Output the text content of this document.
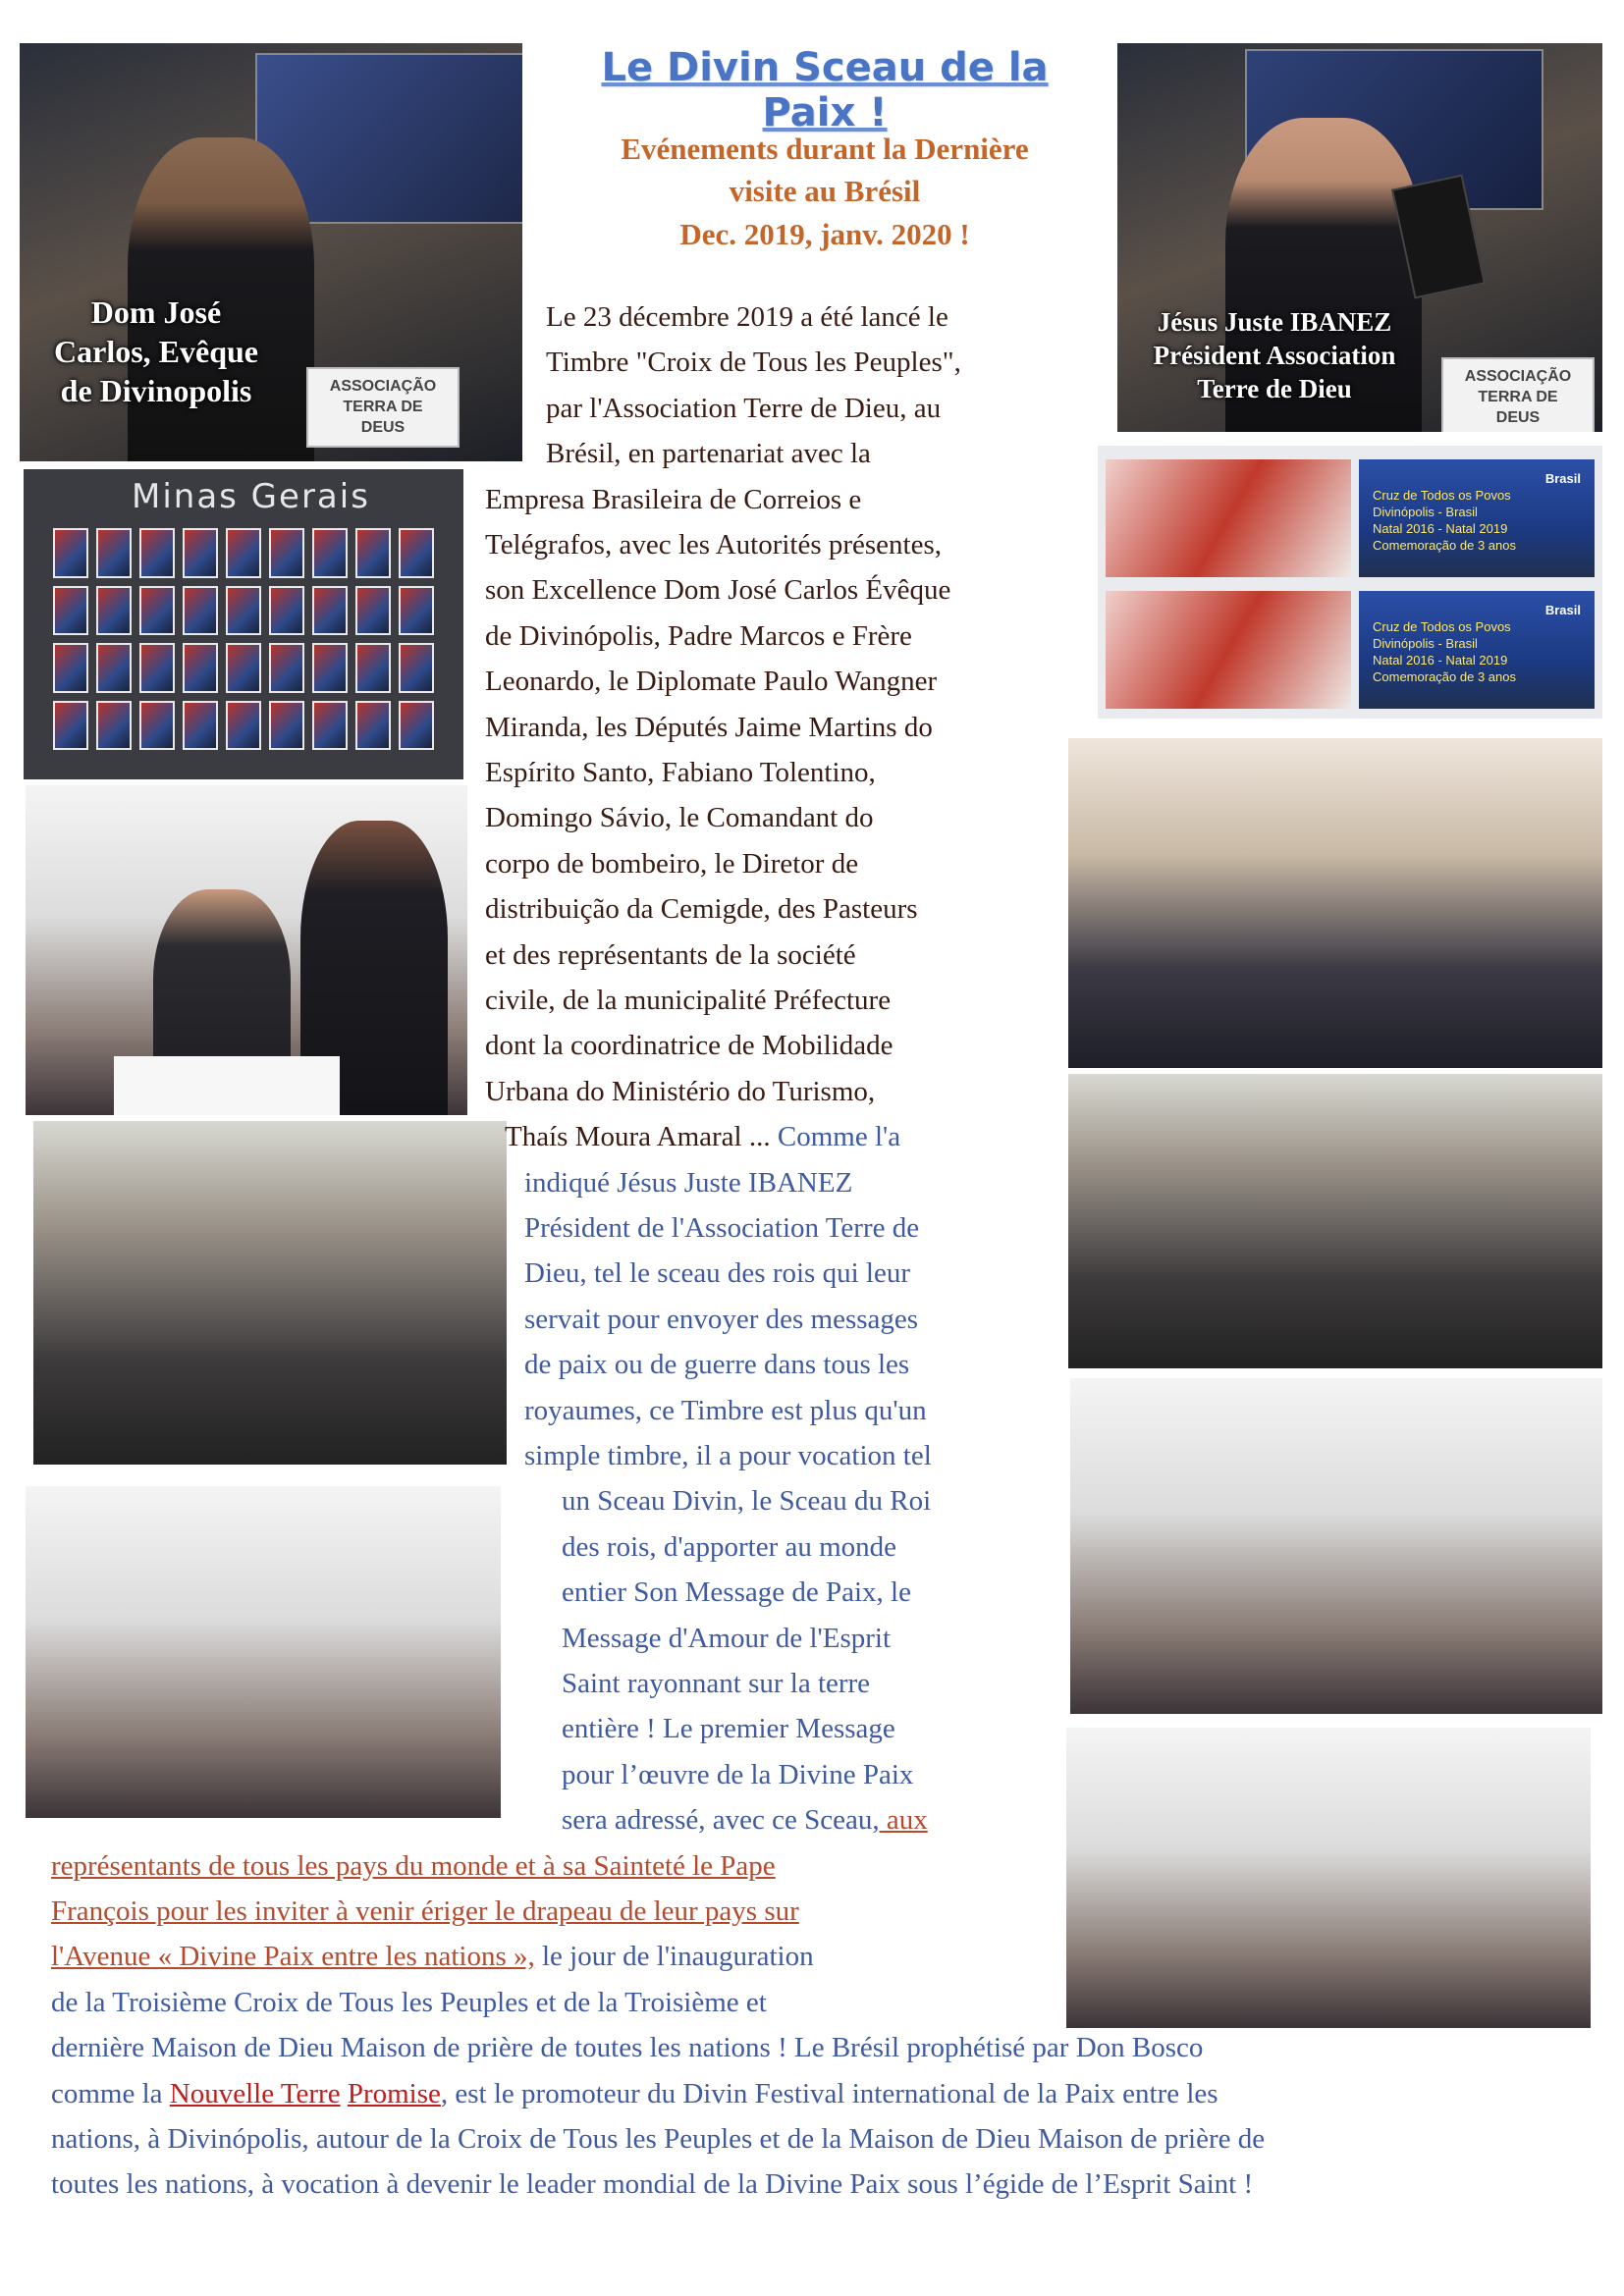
ASSOCIAÇÃO
TERRA DE
DEUS
Dom José
Carlos, Evêque
de Divinopolis
Le Divin Sceau de la Paix !
Evénements durant la Dernière
visite au Brésil
Dec. 2019, janv. 2020 !
ASSOCIAÇÃO
TERRA DE
DEUS
Jésus Juste IBANEZ
Président Association
Terre de Dieu
Minas Gerais	Brasil
Cruz de Todos os Povos
Divinópolis - Brasil
Natal 2016 - Natal 2019
Comemoração de 3 anos
Brasil
Cruz de Todos os Povos
Divinópolis - Brasil
Natal 2016 - Natal 2019
Comemoração de 3 anos
Le 23 décembre 2019 a été lancé le
Timbre "Croix de Tous les Peuples",
par l'Association Terre de Dieu, au
Brésil, en partenariat avec la
Empresa Brasileira de Correios e
Telégrafos, avec les Autorités présentes,
son Excellence Dom José Carlos Évêque
de Divinópolis, Padre Marcos e Frère
Leonardo, le Diplomate Paulo Wangner
Miranda, les Députés Jaime Martins do
Espírito Santo, Fabiano Tolentino,
Domingo Sávio, le Comandant do
corpo de bombeiro, le Diretor de
distribuição da Cemigde, des Pasteurs
et des représentants de la société
civile, de la municipalité Préfecture
dont la coordinatrice de Mobilidade
Urbana do Ministério do Turismo,
Thaís Moura Amaral ... Comme l'a
indiqué Jésus Juste IBANEZ
Président de l'Association Terre de
Dieu, tel le sceau des rois qui leur
servait pour envoyer des messages
de paix ou de guerre dans tous les
royaumes, ce Timbre est plus qu'un
simple timbre, il a pour vocation tel
un Sceau Divin, le Sceau du Roi
des rois, d'apporter au monde
entier Son Message de Paix, le
Message d'Amour de l'Esprit
Saint rayonnant sur la terre
entière ! Le premier Message
pour l’œuvre de la Divine Paix
sera adressé, avec ce Sceau, aux
représentants de tous les pays du monde et à sa Sainteté le Pape
François pour les inviter à venir ériger le drapeau de leur pays sur
l'Avenue « Divine Paix entre les nations », le jour de l'inauguration
de la Troisième Croix de Tous les Peuples et de la Troisième et
dernière Maison de Dieu Maison de prière de toutes les nations ! Le Brésil prophétisé par Don Bosco
comme la Nouvelle Terre Promise, est le promoteur du Divin Festival international de la Paix entre les
nations, à Divinópolis, autour de la Croix de Tous les Peuples et de la Maison de Dieu Maison de prière de
toutes les nations, à vocation à devenir le leader mondial de la Divine Paix sous l’égide de l’Esprit Saint !
